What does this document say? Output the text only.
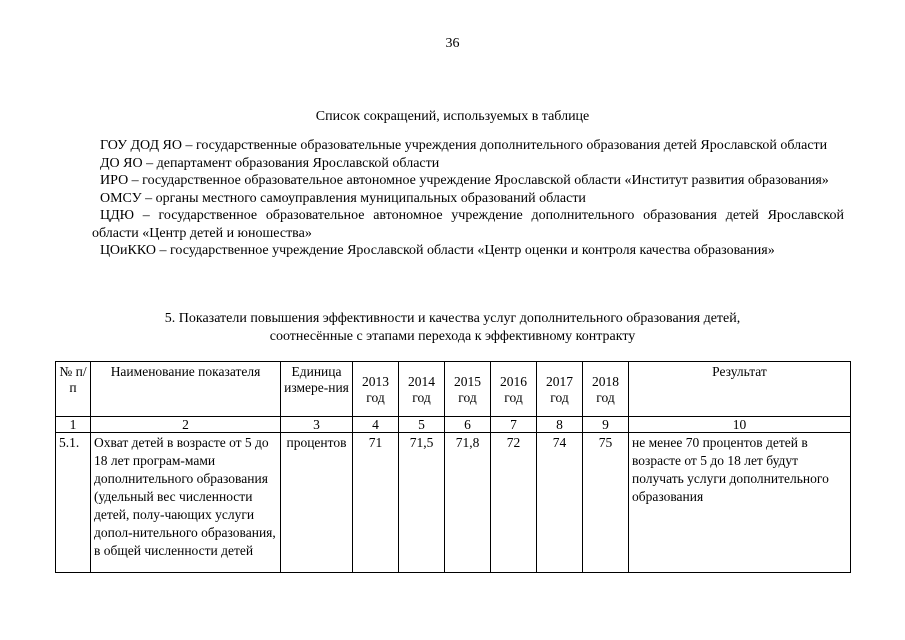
36
Список сокращений, используемых в таблице

ГОУ ДОД ЯО – государственные образовательные учреждения дополнительного образования детей Ярославской области

ДО ЯО – департамент образования Ярославской области

ИРО – государственное образовательное автономное учреждение Ярославской области «Институт развития образования»

ОМСУ – органы местного самоуправления муниципальных образований области

ЦДЮ – государственное образовательное автономное учреждение дополнительного образования детей Ярославской области «Центр детей и юношества»

ЦОиККО – государственное учреждение Ярославской области «Центр оценки и контроля качества образования»

5. Показатели повышения эффективности и качества услуг дополнительного образования детей,
соотнесённые с этапами перехода к эффективному контракту
№ п/п	Наименование показателя	Единица измере-ния	2013 год	2014 год	2015 год	2016 год	2017 год	2018 год	Результат
1	2	3	4	5	6	7	8	9	10
5.1.	Охват детей в возрасте от 5 до 18 лет програм-мами дополнительного образования (удельный вес численности детей, полу-чающих услуги допол-нительного образования, в общей численности детей	процентов	71	71,5	71,8	72	74	75	не менее 70 процентов детей в возрасте от 5 до 18 лет будут получать услуги дополнительного образования
